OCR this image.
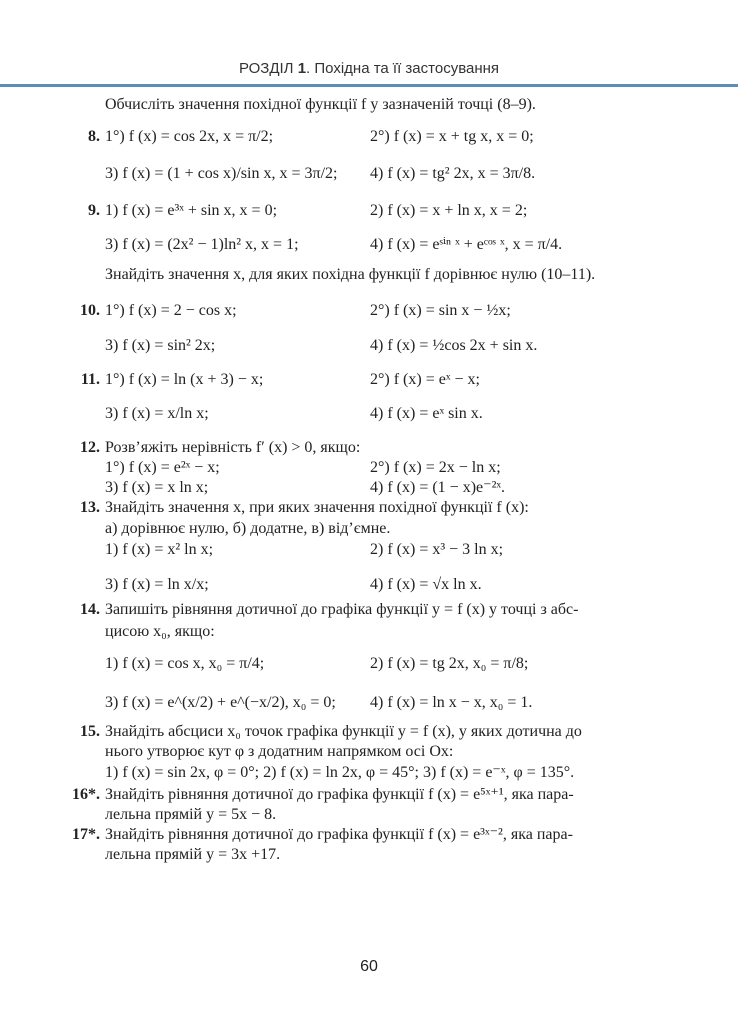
РОЗДІЛ 1. Похідна та її застосування
Обчисліть значення похідної функції f у зазначеній точці (8–9).
8. 1°) f (x) = cos 2x, x = π/2;	2°) f (x) = x + tg x, x = 0;
3) f (x) = (1 + cos x)/sin x, x = 3π/2; 4) f (x) = tg² 2x, x = 3π/8.
9. 1) f (x) = e³ˣ + sin x, x = 0;	2) f (x) = x + ln x, x = 2;
3) f (x) = (2x² − 1)ln² x, x = 1;	4) f (x) = eˢⁱⁿ ˣ + eᶜᵒˢ ˣ, x = π/4.
Знайдіть значення x, для яких похідна функції f дорівнює нулю (10–11).
10. 1°) f (x) = 2 − cos x;	2°) f (x) = sin x − ½x;
3) f (x) = sin² 2x;	4) f (x) = ½cos 2x + sin x.
11. 1°) f (x) = ln (x + 3) − x;	2°) f (x) = eˣ − x;
3) f (x) = x/ln x;	4) f (x) = eˣ sin x.
12. Розв’яжіть нерівність f′ (x) > 0, якщо:
1°) f (x) = e²ˣ − x;	2°) f (x) = 2x − ln x;
3) f (x) = x ln x;	4) f (x) = (1 − x)e⁻²ˣ.
13. Знайдіть значення x, при яких значення похідної функції f (x):
а) дорівнює нулю, б) додатне, в) від’ємне.
1) f (x) = x² ln x;	2) f (x) = x³ − 3 ln x;
3) f (x) = ln x/x;	4) f (x) = √x ln x.
14. Запишіть рівняння дотичної до графіка функції y = f (x) у точці з абс-
цисою x₀, якщо:
1) f (x) = cos x, x₀ = π/4;	2) f (x) = tg 2x, x₀ = π/8;
3) f (x) = e^(x/2) + e^(−x/2), x₀ = 0; 4) f (x) = ln x − x, x₀ = 1.
15. Знайдіть абсциси x₀ точок графіка функції y = f (x), у яких дотична до
нього утворює кут φ з додатним напрямком осі Ox:
1) f (x) = sin 2x, φ = 0°; 2) f (x) = ln 2x, φ = 45°; 3) f (x) = e⁻ˣ, φ = 135°.
16*. Знайдіть рівняння дотичної до графіка функції f (x) = e⁵ˣ⁺¹, яка пара-
лельна прямій y = 5x − 8.
17*. Знайдіть рівняння дотичної до графіка функції f (x) = e³ˣ⁻², яка пара-
лельна прямій y = 3x +17.
60
